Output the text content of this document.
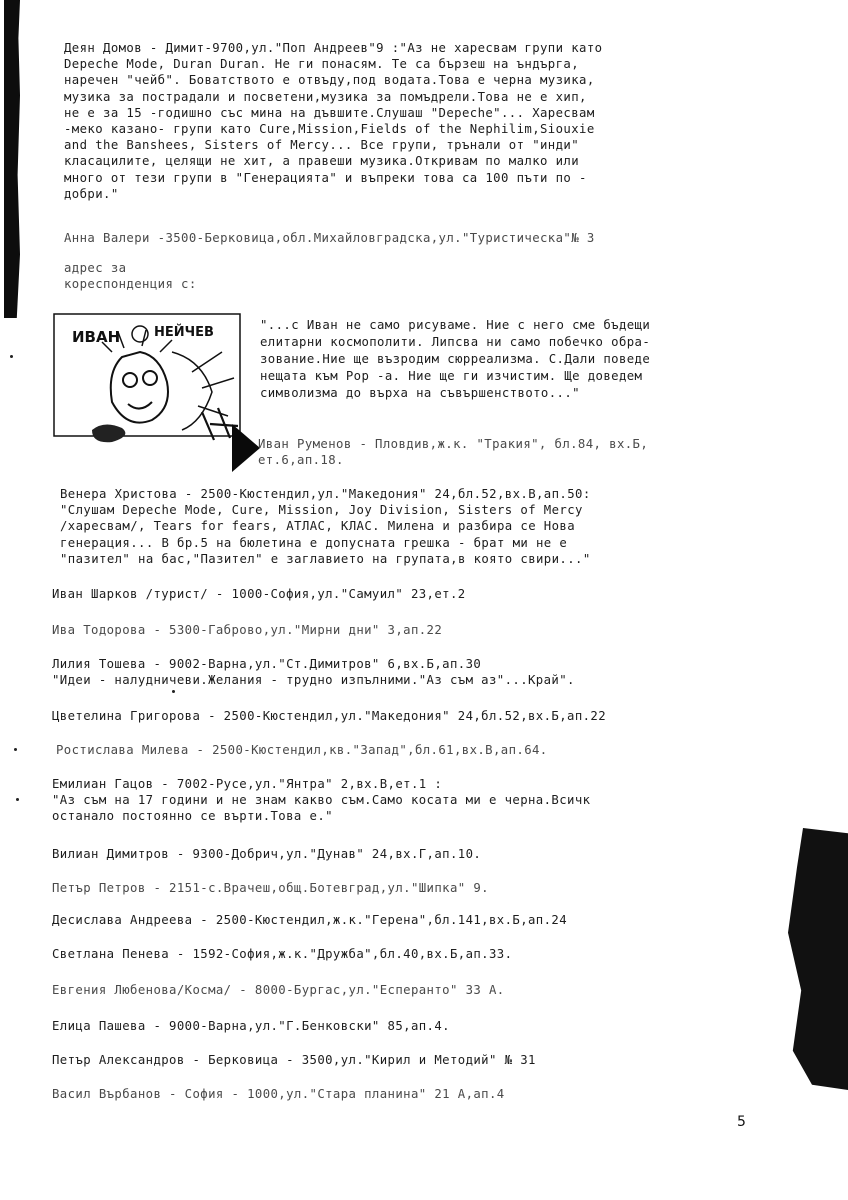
Деян Домов - Димит-9700,ул."Поп Андреев"9 :"Аз не харесвам групи като
Depeche Mode, Duran Duran. Не ги понасям. Те са бързеш на ъндърга,
наречен "чейб". Боватството е отвъду,под водата.Това е черна музика,
музика за пострадали и посветени,музика за помъдрели.Това не е хип,
не е за 15 -годишно със мина на дъвшите.Слушаш "Depeche"... Харесвам
-меко казано- групи като Cure,Mission,Fields of the Nephilim,Siouxie
and the Banshees, Sisters of Mercy... Все групи, трънали от "инди"
класацилите, целящи не хит, а правеши музика.Откривам по малко или
много от тези групи в "Генерацията" и въпреки това са 100 пъти по -
добри."
Анна Валери -3500-Берковица,обл.Михайловградска,ул."Туристическа"№ 3
адрес за
кореспонденция с:
ИВАН	НЕЙЧЕВ	"...с Иван не само рисуваме. Ние с него сме бъдещи
елитарни космополити. Липсва ни само побечко обра-
зование.Ние ще възродим сюрреализма. С.Дали поведе
нещата към Pop -а. Ние ще ги изчистим. Ще доведем
символизма до върха на съвършенството..."
Иван Руменов - Пловдив,ж.к. "Тракия", бл.84, вх.Б,
ет.6,ап.18.
Венера Христова - 2500-Кюстендил,ул."Македония" 24,бл.52,вх.В,ап.50:
"Слушам Depeche Mode, Cure, Mission, Joy Division, Sisters of Mercy
/харесвам/, Tears for fears, АТЛАС, КЛАС. Милена и разбира се Нова
генерация... В бр.5 на бюлетина е допусната грешка - брат ми не е
"пазител" на бас,"Пазител" е заглавието на групата,в която свири..."
Иван Шарков /турист/ - 1000-София,ул."Самуил" 23,ет.2
Ива Тодорова - 5300-Габрово,ул."Мирни дни" 3,ап.22
Лилия Тошева - 9002-Варна,ул."Ст.Димитров" 6,вх.Б,ап.30
"Идеи - налудничеви.Желания - трудно изпълними."Аз съм аз"...Край".
Цветелина Григорова - 2500-Кюстендил,ул."Македония" 24,бл.52,вх.Б,ап.22
Ростислава Милева - 2500-Кюстендил,кв."Запад",бл.61,вх.В,ап.64.
Емилиан Гацов - 7002-Русе,ул."Янтра" 2,вх.В,ет.1 :
"Аз съм на 17 години и не знам какво съм.Само косата ми е черна.Всичк
останало постоянно се върти.Това е."
Вилиан Димитров - 9300-Добрич,ул."Дунав" 24,вх.Г,ап.10.
Петър Петров - 2151-с.Врачеш,общ.Ботевград,ул."Шипка" 9.
Десислава Андреева - 2500-Кюстендил,ж.к."Герена",бл.141,вх.Б,ап.24
Светлана Пенева - 1592-София,ж.к."Дружба",бл.40,вх.Б,ап.33.
Евгения Любенова/Косма/ - 8000-Бургас,ул."Есперанто" 33 А.
Елица Пашева - 9000-Варна,ул."Г.Бенковски" 85,ап.4.
Петър Александров - Берковица - 3500,ул."Кирил и Методий" № 31
Васил Върбанов - София - 1000,ул."Стара планина" 21 А,ап.4
5
